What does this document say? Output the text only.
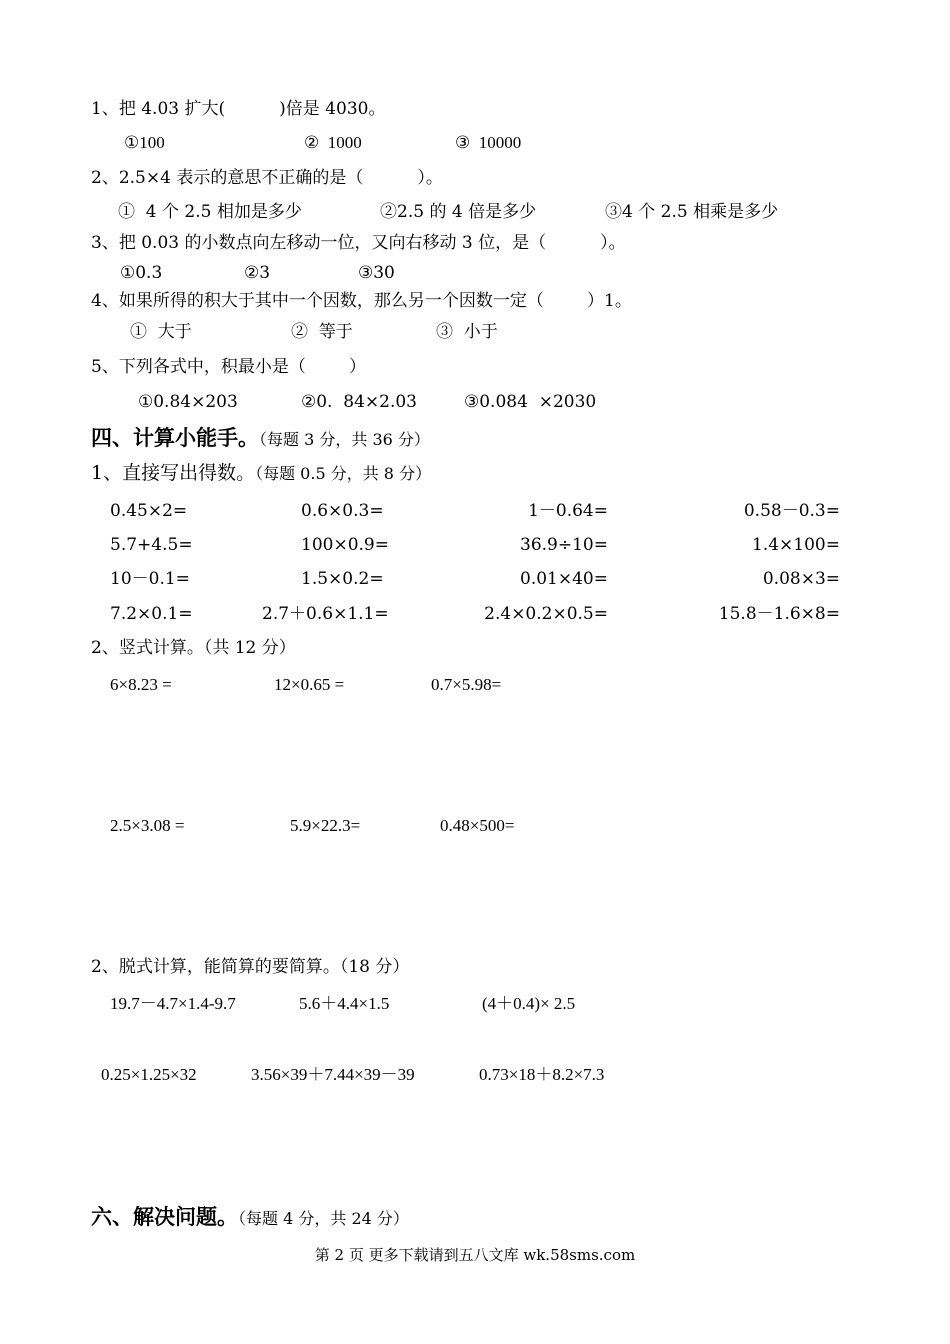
1、把 4.03 扩大(          )倍是 4030。
①100	②  1000	③  10000
2、2.5×4 表示的意思不正确的是（          ）。
①  4 个 2.5 相加是多少	②2.5 的 4 倍是多少	③4 个 2.5 相乘是多少
3、把 0.03 的小数点向左移动一位，又向右移动 3 位，是（          ）。
①0.3	②3	③30
4、如果所得的积大于其中一个因数，那么另一个因数一定（        ）1。
①  大于	②  等于	③  小于
5、下列各式中，积最小是（        ）
①0.84×203	②0.  84×2.03	③0.084  ×2030
四、计算小能手。（每题 3 分，共 36 分）
1、直接写出得数。（每题 0.5 分，共 8 分）
0.45×2=	0.6×0.3=	1－0.64=	0.58－0.3=
5.7+4.5=	100×0.9=	36.9÷10=	1.4×100=
10－0.1=	1.5×0.2=	0.01×40=	0.08×3=
7.2×0.1=	2.7＋0.6×1.1=	2.4×0.2×0.5=	15.8－1.6×8=
2、竖式计算。（共 12 分）
6×8.23 =	12×0.65 =	0.7×5.98=
2.5×3.08 =	5.9×22.3=	0.48×500=
2、脱式计算，能简算的要简算。（18 分）
19.7－4.7×1.4-9.7	5.6＋4.4×1.5	(4＋0.4)× 2.5
0.25×1.25×32	3.56×39＋7.44×39－39	0.73×18＋8.2×7.3
六、解决问题。（每题 4 分，共 24 分）
第 2 页 更多下载请到五八文库 wk.58sms.com
